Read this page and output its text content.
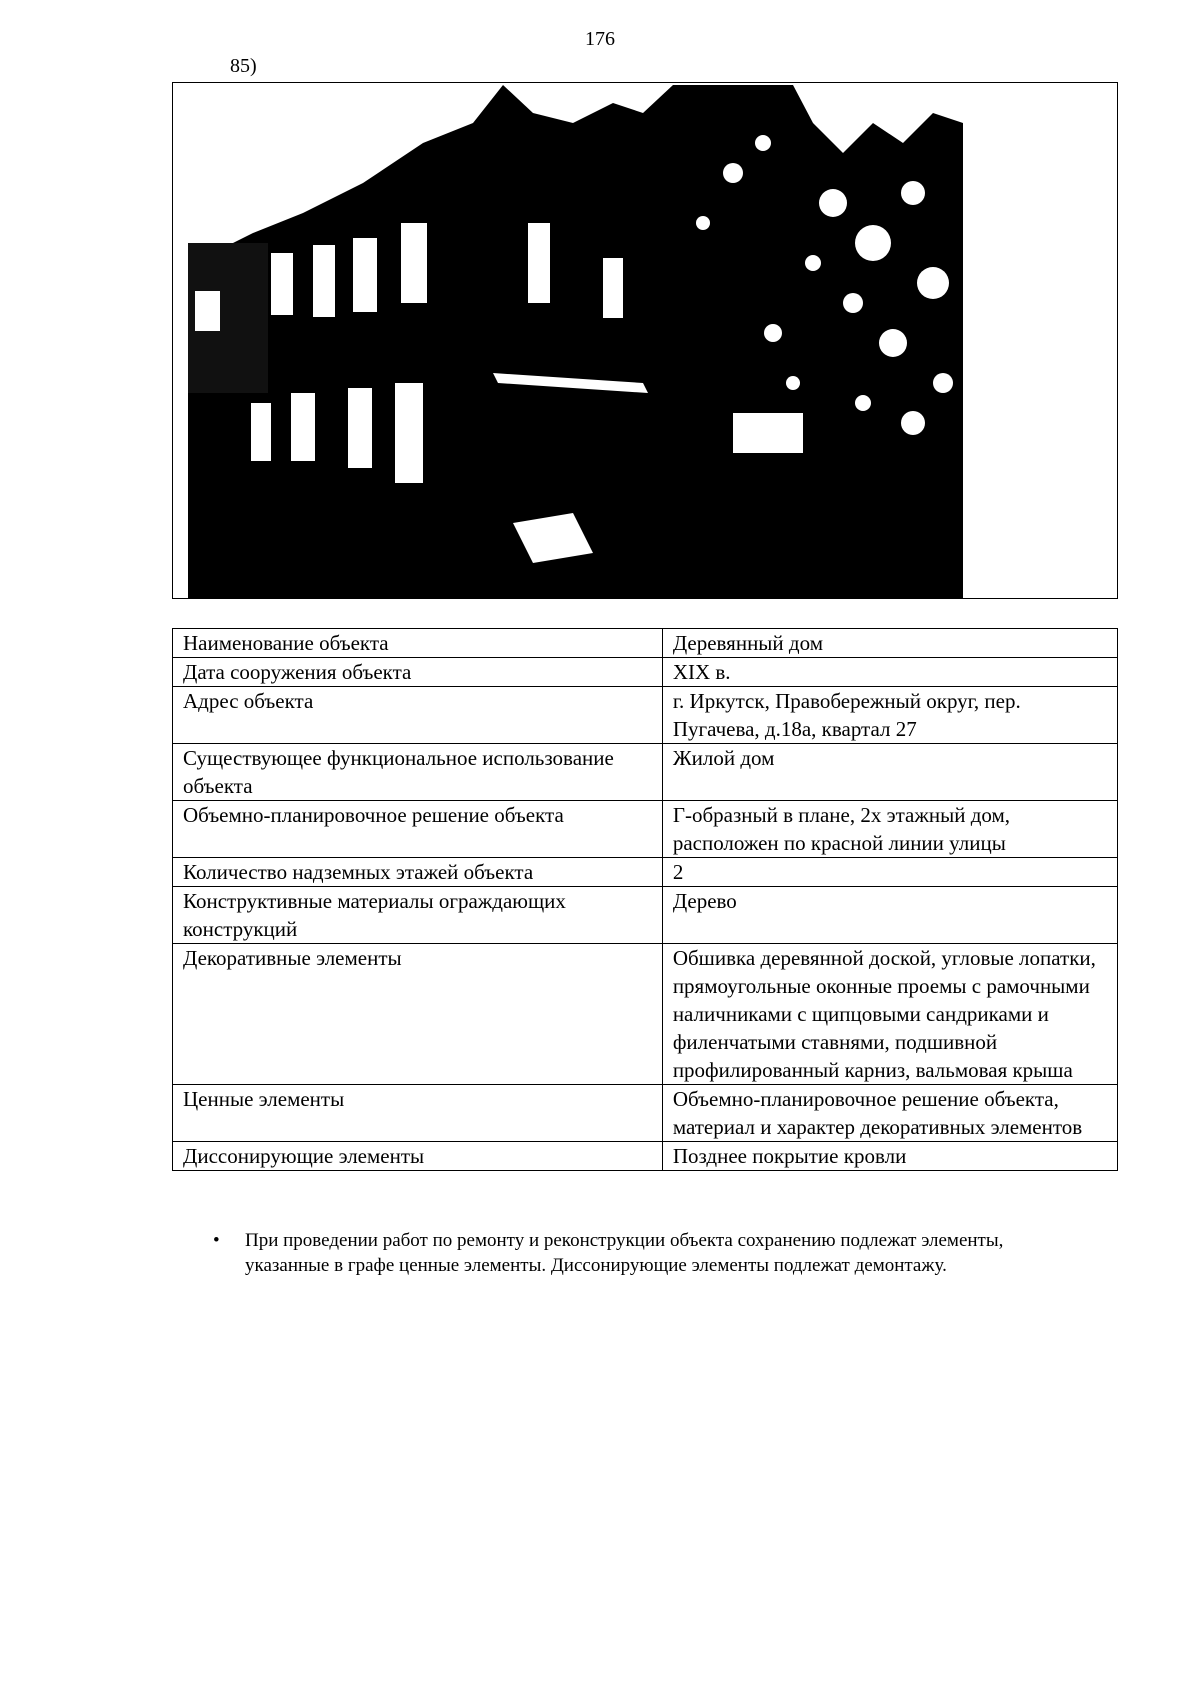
176
85)
Наименование объекта	Деревянный дом
Дата сооружения объекта	XIX в.
Адрес объекта	г. Иркутск, Правобережный округ, пер. Пугачева, д.18а, квартал 27
Существующее функциональное использование объекта	Жилой дом
Объемно-планировочное решение объекта	Г-образный в плане, 2х этажный дом, расположен по красной линии улицы
Количество надземных этажей объекта	2
Конструктивные материалы ограждающих конструкций	Дерево
Декоративные элементы	Обшивка деревянной доской, угловые лопатки, прямоугольные оконные проемы с рамочными наличниками с щипцовыми сандриками и филенчатыми ставнями, подшивной профилированный карниз, вальмовая крыша
Ценные элементы	Объемно-планировочное решение объекта, материал и характер декоративных элементов
Диссонирующие элементы	Позднее покрытие кровли
• При проведении работ по ремонту и реконструкции объекта сохранению подлежат элементы, указанные в графе ценные элементы. Диссонирующие элементы подлежат демонтажу.
